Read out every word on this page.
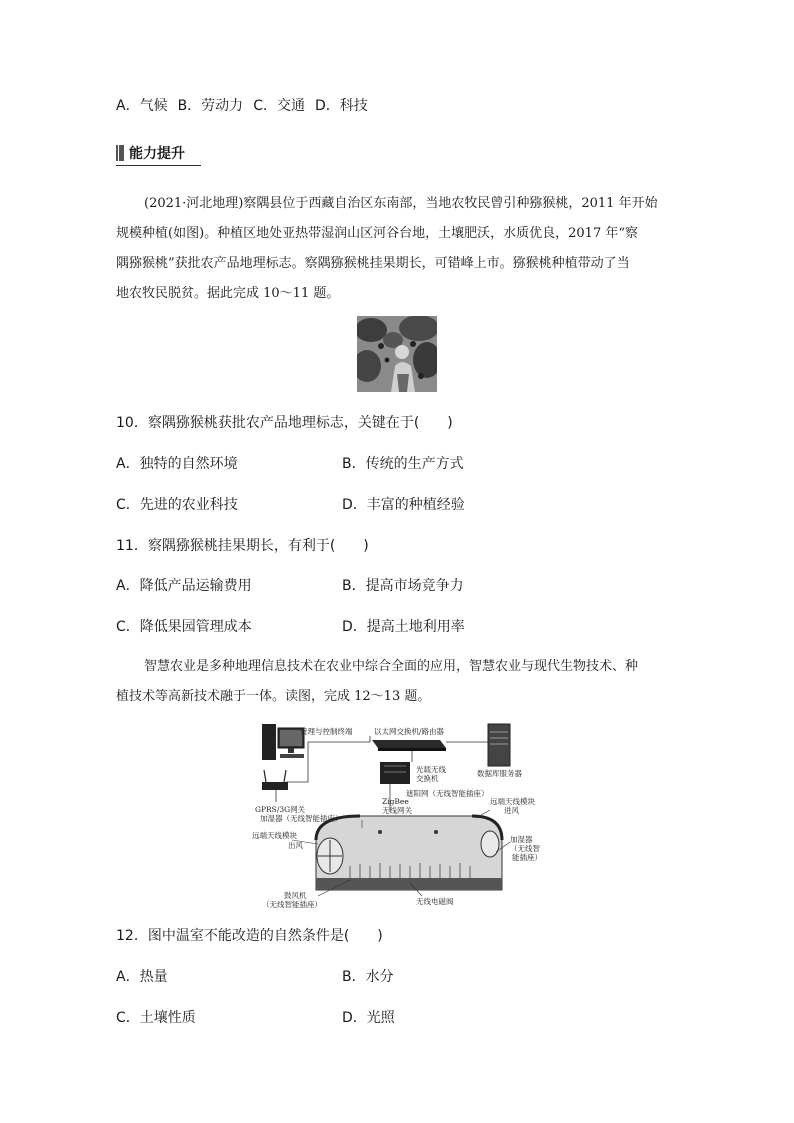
A．气候 B．劳动力 C．交通 D．科技
能力提升
(2021·河北地理)察隅县位于西藏自治区东南部，当地农牧民曾引种猕猴桃，2011 年开始
规模种植(如图)。种植区地处亚热带湿润山区河谷台地，土壤肥沃，水质优良，2017 年“察
隅猕猴桃”获批农产品地理标志。察隅猕猴桃挂果期长，可错峰上市。猕猴桃种植带动了当
地农牧民脱贫。据此完成 10～11 题。
10．察隅猕猴桃获批农产品地理标志，关键在于(　　)
A．独特的自然环境	B．传统的生产方式
C．先进的农业科技	D．丰富的种植经验
11．察隅猕猴桃挂果期长，有利于(　　)
A．降低产品运输费用	B．提高市场竞争力
C．降低果园管理成本	D．提高土地利用率
智慧农业是多种地理信息技术在农业中综合全面的应用，智慧农业与现代生物技术、种
植技术等高新技术融于一体。读图，完成 12～13 题。
管理与控制终端	以太网交换机/路由器
数据库服务器
光载无线
交换机
GPRS/3G网关
加湿器（无线智能插座）
ZigBee
无线网关
遮阳网（无线智能插座）
远端天线模块
进风
远端天线模块
出风
加湿器
（无线智
能插座）
鼓风机
（无线智能插座）	无线电磁阀
12．图中温室不能改造的自然条件是(　　)
A．热量	B．水分
C．土壤性质	D．光照
